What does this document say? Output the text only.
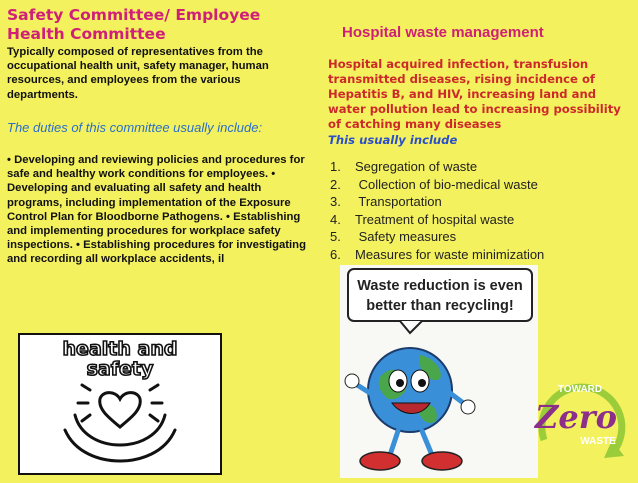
Safety Committee/ Employee Health Committee
Typically composed of representatives from the occupational health unit, safety manager, human resources, and employees from the various departments.
The duties of this committee usually include:
• Developing and reviewing policies and procedures for safe and healthy work conditions for employees. • Developing and evaluating all safety and health programs, including implementation of the Exposure Control Plan for Bloodborne Pathogens. • Establishing and implementing procedures for workplace safety inspections. • Establishing procedures for investigating and recording all workplace accidents, il
health and
safety
Hospital waste management
Hospital acquired infection, transfusion transmitted diseases, rising incidence of Hepatitis B, and HIV, increasing land and water pollution lead to increasing possibility of catching many diseases
This usually include
1. Segregation of waste
2. Collection of bio-medical waste
3. Transportation
4. Treatment of hospital waste
5. Safety measures
6. Measures for waste minimization
Waste reduction is even
better than recycling!
TOWARD
Zero
WASTE
